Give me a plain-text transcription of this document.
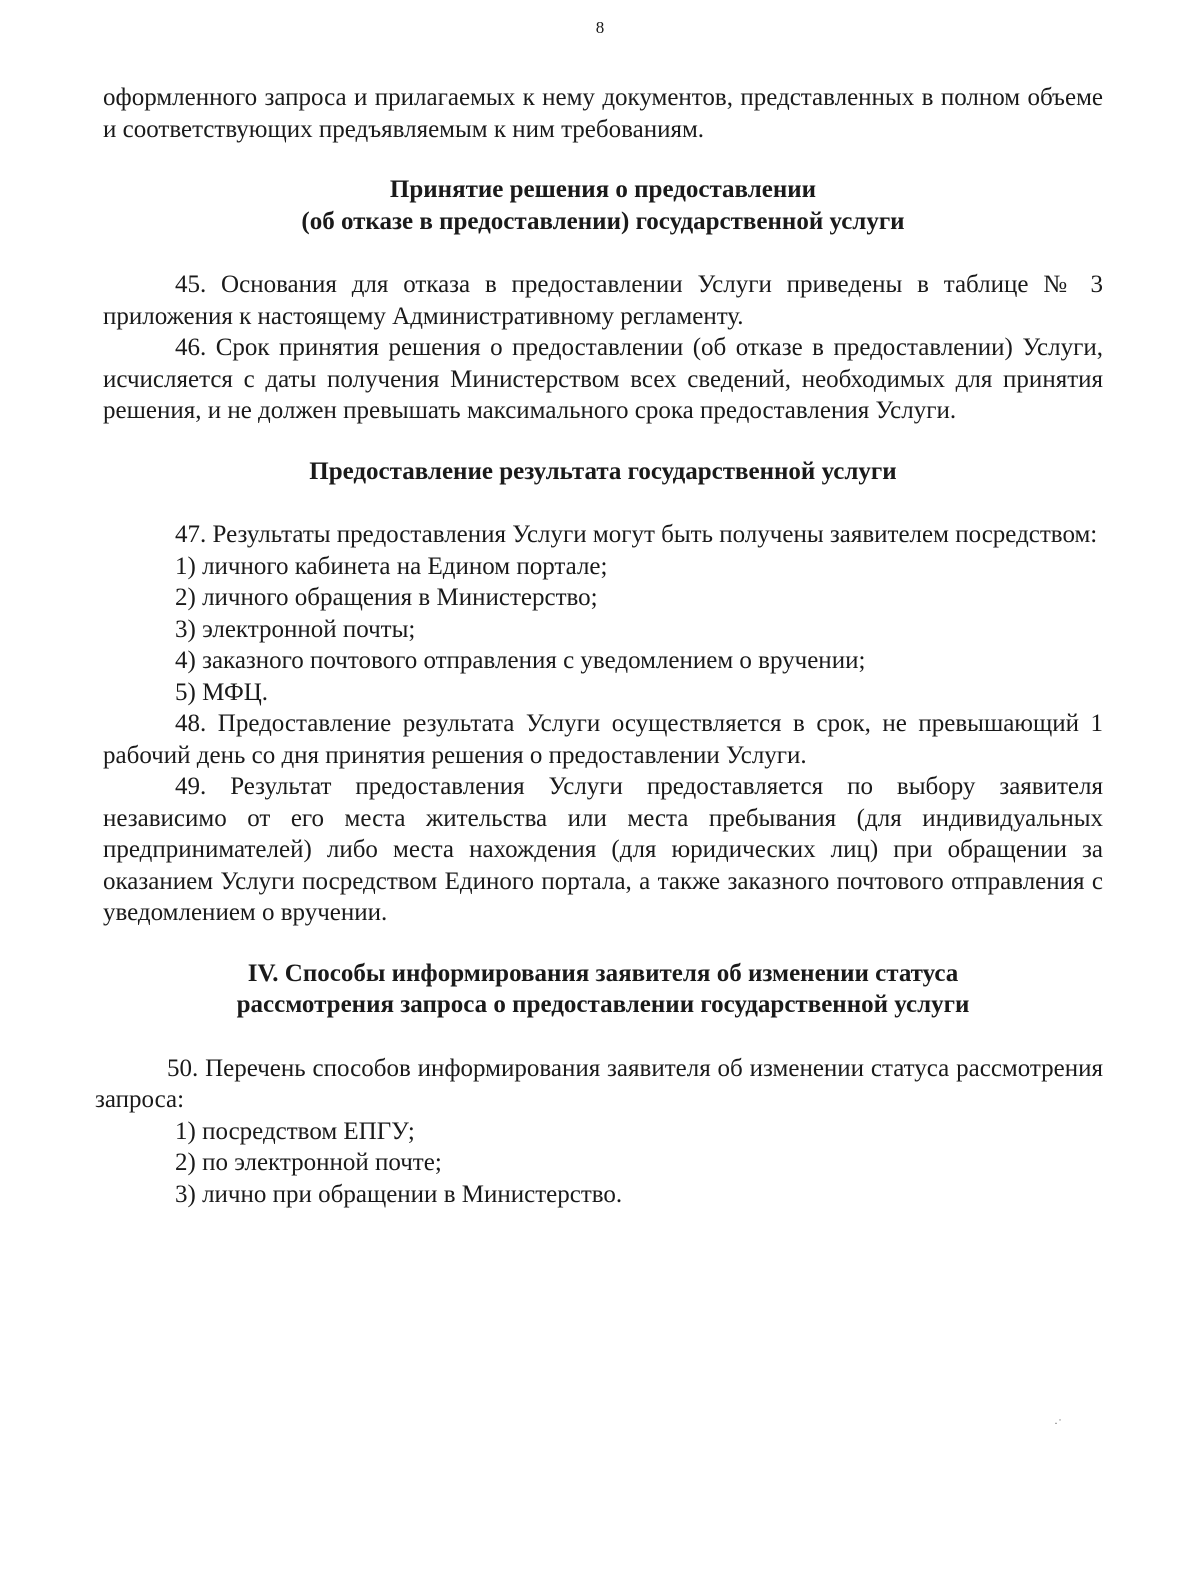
8

оформленного запроса и прилагаемых к нему документов, представленных в полном объеме и соответствующих предъявляемым к ним требованиям.

Принятие решения о предоставлении
(об отказе в предоставлении) государственной услуги

45. Основания для отказа в предоставлении Услуги приведены в таблице № 3 приложения к настоящему Административному регламенту.

46. Срок принятия решения о предоставлении (об отказе в предоставлении) Услуги, исчисляется с даты получения Министерством всех сведений, необходимых для принятия решения, и не должен превышать максимального срока предоставления Услуги.

Предоставление результата государственной услуги

47. Результаты предоставления Услуги могут быть получены заявителем посредством:

1) личного кабинета на Едином портале;
2) личного обращения в Министерство;
3) электронной почты;
4) заказного почтового отправления с уведомлением о вручении;
5) МФЦ.

48. Предоставление результата Услуги осуществляется в срок, не превышающий 1 рабочий день со дня принятия решения о предоставлении Услуги.

49. Результат предоставления Услуги предоставляется по выбору заявителя независимо от его места жительства или места пребывания (для индивидуальных предпринимателей) либо места нахождения (для юридических лиц) при обращении за оказанием Услуги посредством Единого портала, а также заказного почтового отправления с уведомлением о вручении.

IV. Способы информирования заявителя об изменении статуса
рассмотрения запроса о предоставлении государственной услуги

50. Перечень способов информирования заявителя об изменении статуса рассмотрения запроса:

1) посредством ЕПГУ;
2) по электронной почте;
3) лично при обращении в Министерство.
·˙
